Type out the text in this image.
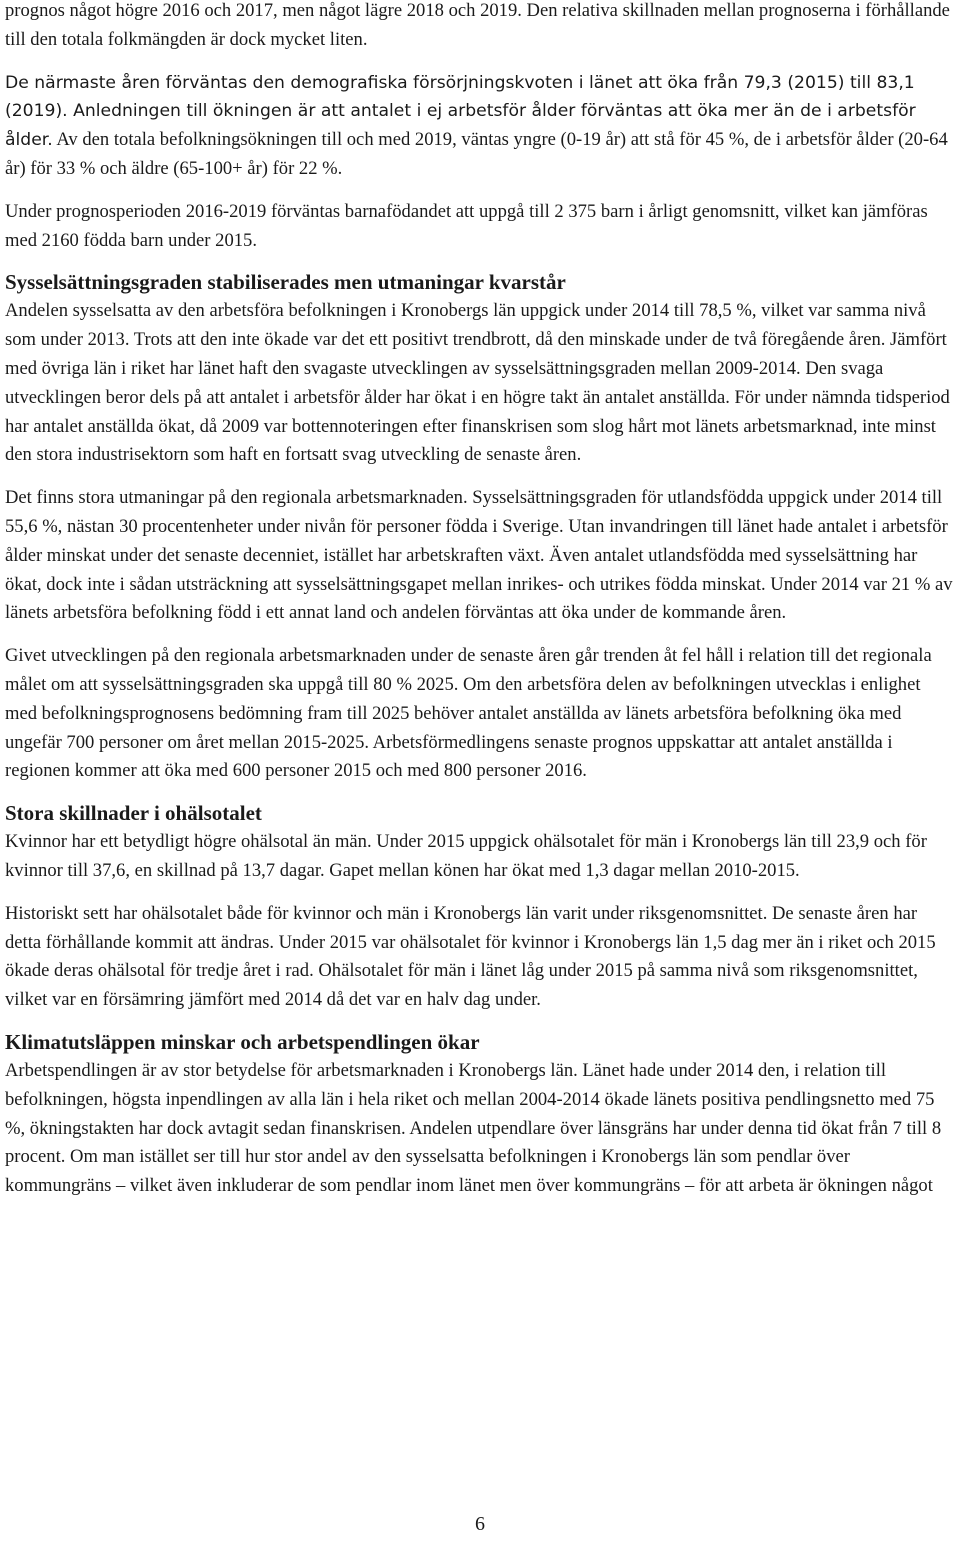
prognos något högre 2016 och 2017, men något lägre 2018 och 2019. Den relativa skillnaden mellan prognoserna i förhållande till den totala folkmängden är dock mycket liten.

De närmaste åren förväntas den demografiska försörjningskvoten i länet att öka från 79,3 (2015) till 83,1 (2019). Anledningen till ökningen är att antalet i ej arbetsför ålder förväntas att öka mer än de i arbetsför ålder. Av den totala befolkningsökningen till och med 2019, väntas yngre (0-19 år) att stå för 45 %, de i arbetsför ålder (20-64 år) för 33 % och äldre (65-100+ år) för 22 %.

Under prognosperioden 2016-2019 förväntas barnafödandet att uppgå till 2 375 barn i årligt genomsnitt, vilket kan jämföras med 2160 födda barn under 2015.

Sysselsättningsgraden stabiliserades men utmaningar kvarstår

Andelen sysselsatta av den arbetsföra befolkningen i Kronobergs län uppgick under 2014 till 78,5 %, vilket var samma nivå som under 2013. Trots att den inte ökade var det ett positivt trendbrott, då den minskade under de två föregående åren. Jämfört med övriga län i riket har länet haft den svagaste utvecklingen av sysselsättningsgraden mellan 2009-2014. Den svaga utvecklingen beror dels på att antalet i arbetsför ålder har ökat i en högre takt än antalet anställda. För under nämnda tidsperiod har antalet anställda ökat, då 2009 var bottennoteringen efter finanskrisen som slog hårt mot länets arbetsmarknad, inte minst den stora industrisektorn som haft en fortsatt svag utveckling de senaste åren.

Det finns stora utmaningar på den regionala arbetsmarknaden. Sysselsättningsgraden för utlandsfödda uppgick under 2014 till 55,6 %, nästan 30 procentenheter under nivån för personer födda i Sverige. Utan invandringen till länet hade antalet i arbetsför ålder minskat under det senaste decenniet, istället har arbetskraften växt. Även antalet utlandsfödda med sysselsättning har ökat, dock inte i sådan utsträckning att sysselsättningsgapet mellan inrikes- och utrikes födda minskat. Under 2014 var 21 % av länets arbetsföra befolkning född i ett annat land och andelen förväntas att öka under de kommande åren.

Givet utvecklingen på den regionala arbetsmarknaden under de senaste åren går trenden åt fel håll i relation till det regionala målet om att sysselsättningsgraden ska uppgå till 80 % 2025. Om den arbetsföra delen av befolkningen utvecklas i enlighet med befolkningsprognosens bedömning fram till 2025 behöver antalet anställda av länets arbetsföra befolkning öka med ungefär 700 personer om året mellan 2015-2025. Arbetsförmedlingens senaste prognos uppskattar att antalet anställda i regionen kommer att öka med 600 personer 2015 och med 800 personer 2016.

Stora skillnader i ohälsotalet

Kvinnor har ett betydligt högre ohälsotal än män. Under 2015 uppgick ohälsotalet för män i Kronobergs län till 23,9 och för kvinnor till 37,6, en skillnad på 13,7 dagar. Gapet mellan könen har ökat med 1,3 dagar mellan 2010-2015.

Historiskt sett har ohälsotalet både för kvinnor och män i Kronobergs län varit under riksgenomsnittet. De senaste åren har detta förhållande kommit att ändras. Under 2015 var ohälsotalet för kvinnor i Kronobergs län 1,5 dag mer än i riket och 2015 ökade deras ohälsotal för tredje året i rad. Ohälsotalet för män i länet låg under 2015 på samma nivå som riksgenomsnittet, vilket var en försämring jämfört med 2014 då det var en halv dag under.

Klimatutsläppen minskar och arbetspendlingen ökar

Arbetspendlingen är av stor betydelse för arbetsmarknaden i Kronobergs län. Länet hade under 2014 den, i relation till befolkningen, högsta inpendlingen av alla län i hela riket och mellan 2004-2014 ökade länets positiva pendlingsnetto med 75 %, ökningstakten har dock avtagit sedan finanskrisen. Andelen utpendlare över länsgräns har under denna tid ökat från 7 till 8 procent. Om man istället ser till hur stor andel av den sysselsatta befolkningen i Kronobergs län som pendlar över kommungräns – vilket även inkluderar de som pendlar inom länet men över kommungräns – för att arbeta är ökningen något

6
